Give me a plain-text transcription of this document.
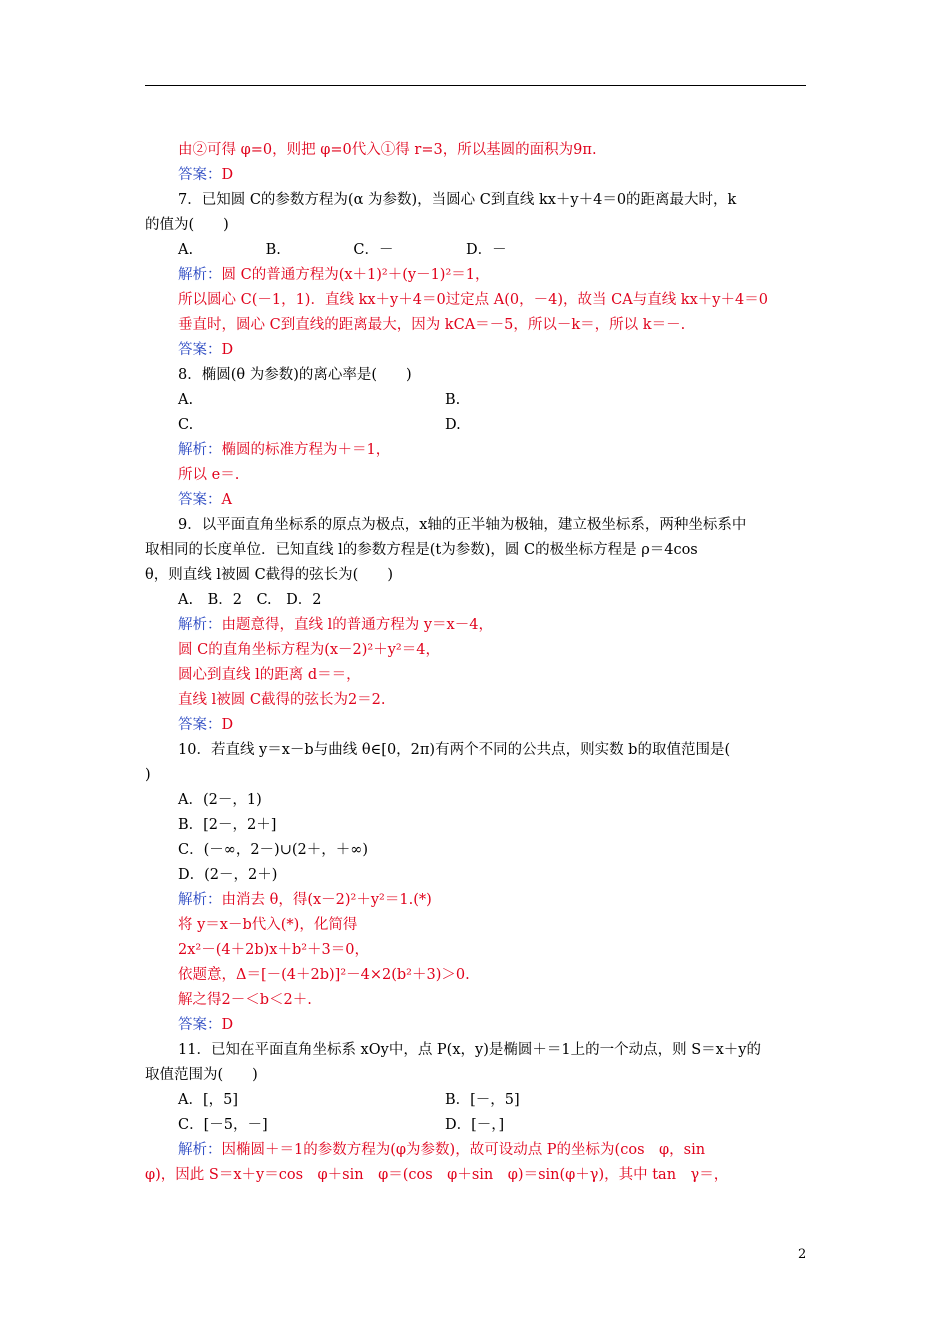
由②可得 φ=0，则把 φ=0代入①得 r=3，所以基圆的面积为9π.
答案：D
7．已知圆 C的参数方程为(α 为参数)，当圆心 C到直线 kx＋y＋4＝0的距离最大时，k
的值为(　　)
A.　　　　　B.　　　　　C．－　　　　　D．－
解析：圆 C的普通方程为(x＋1)²＋(y－1)²＝1，
所以圆心 C(－1，1)．直线 kx＋y＋4＝0过定点 A(0，－4)，故当 CA与直线 kx＋y＋4＝0
垂直时，圆心 C到直线的距离最大，因为 kCA＝－5，所以－k＝，所以 k＝－.
答案：D
8．椭圆(θ 为参数)的离心率是(　　)
A.	B.
C.	D.
解析：椭圆的标准方程为＋＝1，
所以 e＝.
答案：A
9．以平面直角坐标系的原点为极点，x轴的正半轴为极轴，建立极坐标系，两种坐标系中
取相同的长度单位．已知直线 l的参数方程是(t为参数)，圆 C的极坐标方程是 ρ＝4cos
θ，则直线 l被圆 C截得的弦长为(　　)
A.　B．2　C.　D．2
解析：由题意得，直线 l的普通方程为 y＝x－4，
圆 C的直角坐标方程为(x－2)²＋y²＝4，
圆心到直线 l的距离 d＝＝，
直线 l被圆 C截得的弦长为2＝2.
答案：D
10．若直线 y＝x－b与曲线 θ∈[0，2π)有两个不同的公共点，则实数 b的取值范围是(
)
A．(2－，1)
B．[2－，2＋]
C．(－∞，2－)∪(2＋，＋∞)
D．(2－，2＋)
解析：由消去 θ，得(x－2)²＋y²＝1.(*)
将 y＝x－b代入(*)，化简得
2x²－(4＋2b)x＋b²＋3＝0，
依题意，Δ＝[－(4＋2b)]²－4×2(b²＋3)＞0.
解之得2－＜b＜2＋.
答案：D
11．已知在平面直角坐标系 xOy中，点 P(x，y)是椭圆＋＝1上的一个动点，则 S＝x＋y的
取值范围为(　　)
A．[，5]	B．[－，5]
C．[－5，－]	D．[－，]
解析：因椭圆＋＝1的参数方程为(φ为参数)，故可设动点 P的坐标为(cos　φ，sin
φ)，因此 S＝x＋y＝cos　φ＋sin　φ＝(cos　φ＋sin　φ)＝sin(φ＋γ)，其中 tan　γ＝，
2
